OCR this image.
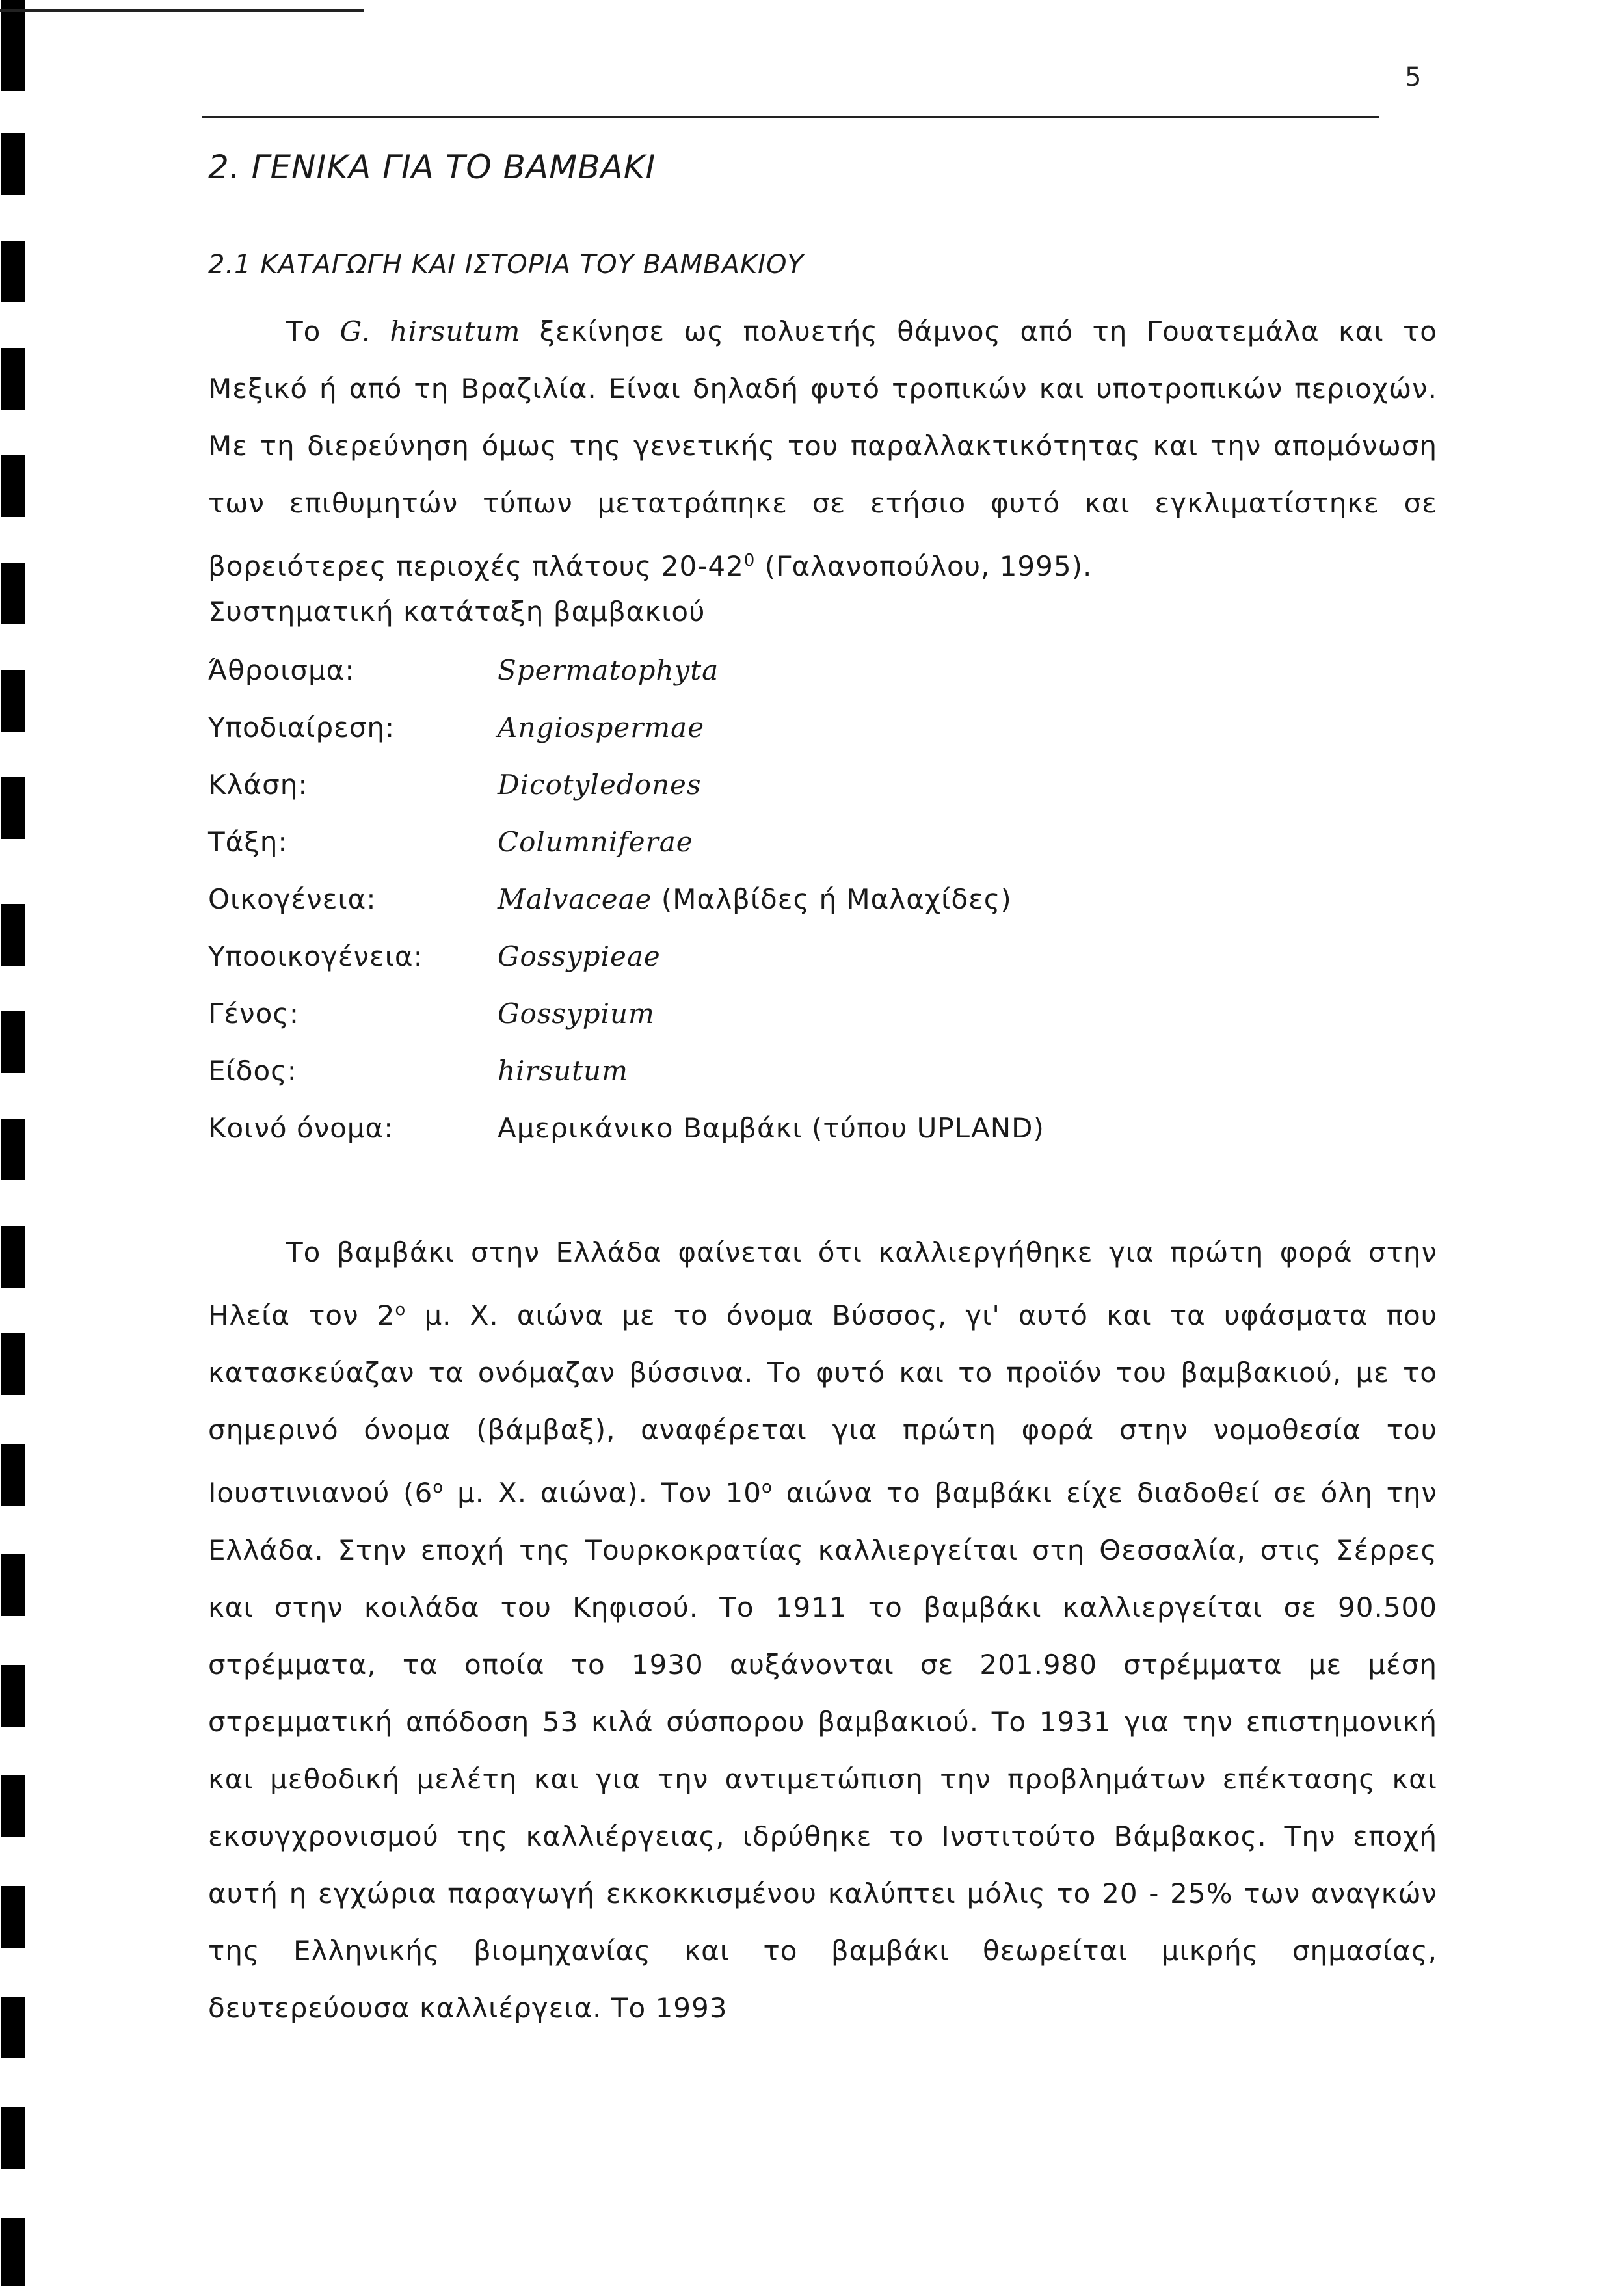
5
2. ΓΕΝΙΚΑ ΓΙΑ ΤΟ ΒΑΜΒΑΚΙ
2.1 ΚΑΤΑΓΩΓΗ ΚΑΙ ΙΣΤΟΡΙΑ ΤΟΥ ΒΑΜΒΑΚΙΟΥ

Το G. hirsutum ξεκίνησε ως πολυετής θάμνος από τη Γουατεμάλα και το Μεξικό ή από τη Βραζιλία. Είναι δηλαδή φυτό τροπικών και υποτροπικών περιοχών. Με τη διερεύνηση όμως της γενετικής του παραλλακτικότητας και την απομόνωση των επιθυμητών τύπων μετατράπηκε σε ετήσιο φυτό και εγκλιματίστηκε σε βορειότερες περιοχές πλάτους $20-42^0$ (Γαλανοπούλου, 1995).

Συστηματική κατάταξη βαμβακιού
Άθροισμα:	Spermatophyta
Υποδιαίρεση:	Angiospermae
Κλάση:	Dicotyledones
Τάξη:	Columniferae
Οικογένεια:	Malvaceae (Μαλβίδες ή Μαλαχίδες)
Υποοικογένεια:	Gossypieae
Γένος:	Gossypium
Είδος:	hirsutum
Κοινό όνομα:	Αμερικάνικο Βαμβάκι (τύπου UPLAND)

Το βαμβάκι στην Ελλάδα φαίνεται ότι καλλιεργήθηκε για πρώτη φορά στην Ηλεία τον $2^o$ μ. Χ. αιώνα με το όνομα Βύσσος, γι' αυτό και τα υφάσματα που κατασκεύαζαν τα ονόμαζαν βύσσινα. Το φυτό και το προϊόν του βαμβακιού, με το σημερινό όνομα (βάμβαξ), αναφέρεται για πρώτη φορά στην νομοθεσία του Ιουστινιανού ($6^o$ μ. Χ. αιώνα). Τον $10^o$ αιώνα το βαμβάκι είχε διαδοθεί σε όλη την Ελλάδα. Στην εποχή της Τουρκοκρατίας καλλιεργείται στη Θεσσαλία, στις Σέρρες και στην κοιλάδα του Κηφισού. Το 1911 το βαμβάκι καλλιεργείται σε 90.500 στρέμματα, τα οποία το 1930 αυξάνονται σε 201.980 στρέμματα με μέση στρεμματική απόδοση 53 κιλά σύσπορου βαμβακιού. Το 1931 για την επιστημονική και μεθοδική μελέτη και για την αντιμετώπιση την προβλημάτων επέκτασης και εκσυγχρονισμού της καλλιέργειας, ιδρύθηκε το Ινστιτούτο Βάμβακος. Την εποχή αυτή η εγχώρια παραγωγή εκκοκκισμένου καλύπτει μόλις το 20 - 25% των αναγκών της Ελληνικής βιομηχανίας και το βαμβάκι θεωρείται μικρής σημασίας, δευτερεύουσα καλλιέργεια. Το 1993
